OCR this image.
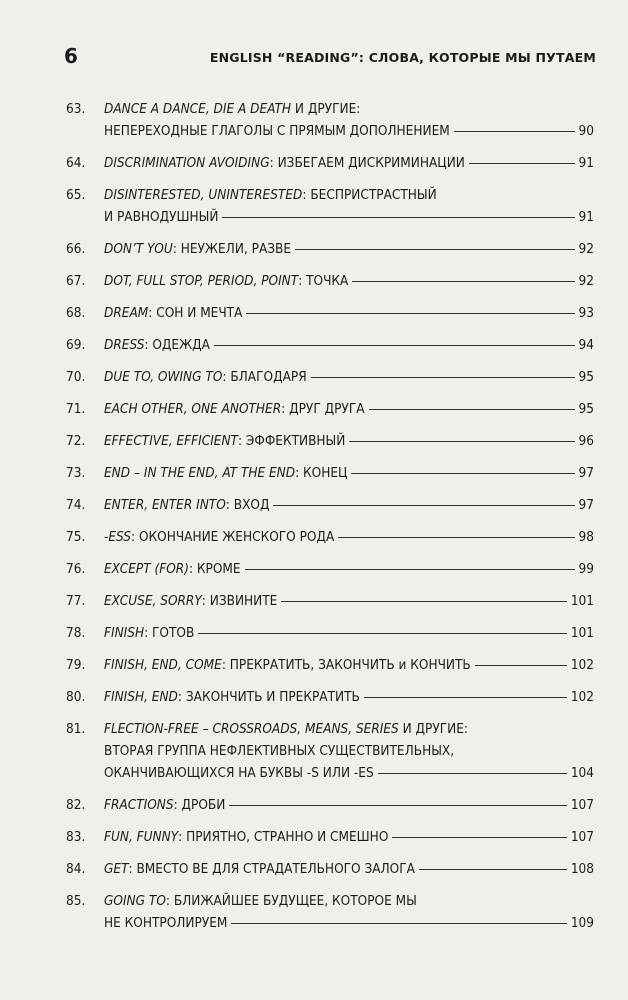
6	ENGLISH “READING”: СЛОВА, КОТОРЫЕ МЫ ПУТАЕМ
63. DANCE A DANCE, DIE A DEATH И ДРУГИЕ:
НЕПЕРЕХОДНЫЕ ГЛАГОЛЫ С ПРЯМЫМ ДОПОЛНЕНИЕМ	90
64. DISCRIMINATION AVOIDING: ИЗБЕГАЕМ ДИСКРИМИНАЦИИ	91
65. DISINTERESTED, UNINTERESTED: БЕСПРИСТРАСТНЫЙ
И РАВНОДУШНЫЙ	91
66. DON’T YOU: НЕУЖЕЛИ, РАЗВЕ	92
67. DOT, FULL STOP, PERIOD, POINT: ТОЧКА	92
68. DREAM: СОН И МЕЧТА	93
69. DRESS: ОДЕЖДА	94
70. DUE TO, OWING TO: БЛАГОДАРЯ	95
71. EACH OTHER, ONE ANOTHER: ДРУГ ДРУГА	95
72. EFFECTIVE, EFFICIENT: ЭФФЕКТИВНЫЙ	96
73. END – IN THE END, AT THE END: КОНЕЦ	97
74. ENTER, ENTER INTO: ВХОД	97
75. -ESS: ОКОНЧАНИЕ ЖЕНСКОГО РОДА	98
76. EXCEPT (FOR): КРОМЕ	99
77. EXCUSE, SORRY: ИЗВИНИТЕ	101
78. FINISH: ГОТОВ	101
79. FINISH, END, COME: ПРЕКРАТИТЬ, ЗАКОНЧИТЬ и КОНЧИТЬ	102
80. FINISH, END: ЗАКОНЧИТЬ И ПРЕКРАТИТЬ	102
81. FLECTION-FREE – CROSSROADS, MEANS, SERIES И ДРУГИЕ:
ВТОРАЯ ГРУППА НЕФЛЕКТИВНЫХ СУЩЕСТВИТЕЛЬНЫХ,
ОКАНЧИВАЮЩИХСЯ НА БУКВЫ -S ИЛИ -ES	104
82. FRACTIONS: ДРОБИ	107
83. FUN, FUNNY: ПРИЯТНО, СТРАННО И СМЕШНО	107
84. GET: ВМЕСТО BE ДЛЯ СТРАДАТЕЛЬНОГО ЗАЛОГА	108
85. GOING TO: БЛИЖАЙШЕЕ БУДУЩЕЕ, КОТОРОЕ МЫ
НЕ КОНТРОЛИРУЕМ	109
